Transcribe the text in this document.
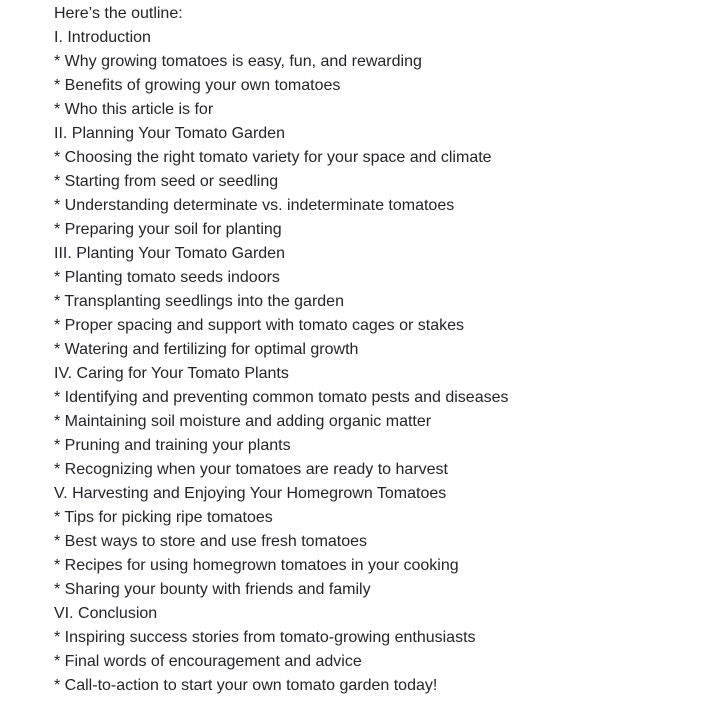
Here’s the outline:
I. Introduction
* Why growing tomatoes is easy, fun, and rewarding
* Benefits of growing your own tomatoes
* Who this article is for
II. Planning Your Tomato Garden
* Choosing the right tomato variety for your space and climate
* Starting from seed or seedling
* Understanding determinate vs. indeterminate tomatoes
* Preparing your soil for planting
III. Planting Your Tomato Garden
* Planting tomato seeds indoors
* Transplanting seedlings into the garden
* Proper spacing and support with tomato cages or stakes
* Watering and fertilizing for optimal growth
IV. Caring for Your Tomato Plants
* Identifying and preventing common tomato pests and diseases
* Maintaining soil moisture and adding organic matter
* Pruning and training your plants
* Recognizing when your tomatoes are ready to harvest
V. Harvesting and Enjoying Your Homegrown Tomatoes
* Tips for picking ripe tomatoes
* Best ways to store and use fresh tomatoes
* Recipes for using homegrown tomatoes in your cooking
* Sharing your bounty with friends and family
VI. Conclusion
* Inspiring success stories from tomato-growing enthusiasts
* Final words of encouragement and advice
* Call-to-action to start your own tomato garden today!
